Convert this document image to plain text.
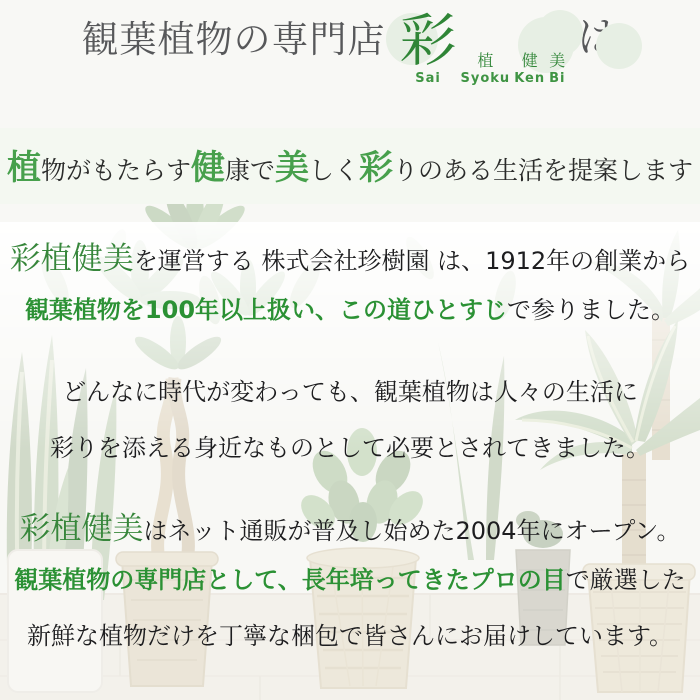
観葉植物の専門店 彩
Sai
植
Syoku
健
Ken
美
Bi
植物がもたらす健康で美しく彩りのある生活を提案します
彩植健美を運営する 株式会社珍樹園 は、1912年の創業から
観葉植物を100年以上扱い、この道ひとすじで参りました。
どんなに時代が変わっても、観葉植物は人々の生活に
彩りを添える身近なものとして必要とされてきました。
彩植健美はネット通販が普及し始めた2004年にオープン。
観葉植物の専門店として、長年培ってきたプロの目で厳選した
新鮮な植物だけを丁寧な梱包で皆さんにお届けしています。
